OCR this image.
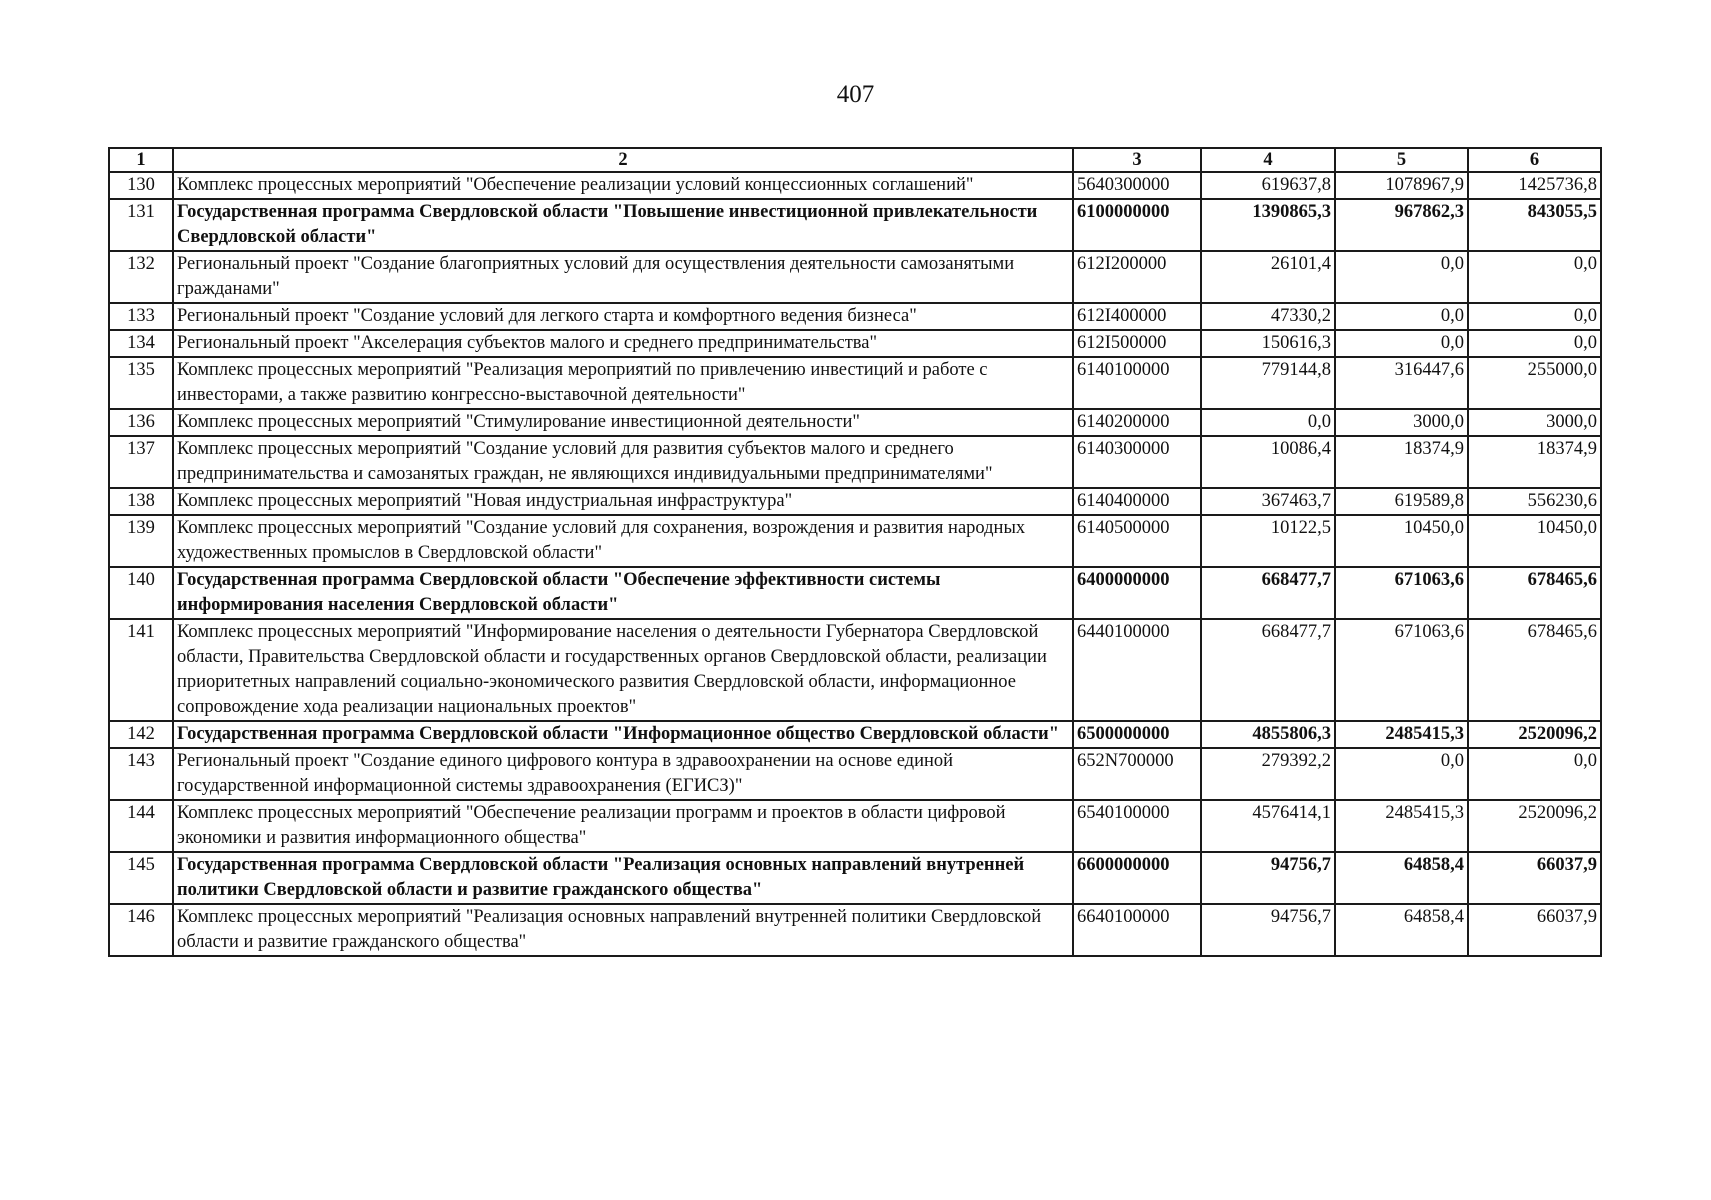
407
1	2	3	4	5	6
130	Комплекс процессных мероприятий "Обеспечение реализации условий концессионных соглашений"	5640300000	619637,8	1078967,9	1425736,8
131	Государственная программа Свердловской области "Повышение инвестиционной привлекательности Свердловской области"	6100000000	1390865,3	967862,3	843055,5
132	Региональный проект "Создание благоприятных условий для осуществления деятельности самозанятыми гражданами"	612I200000	26101,4	0,0	0,0
133	Региональный проект "Создание условий для легкого старта и комфортного ведения бизнеса"	612I400000	47330,2	0,0	0,0
134	Региональный проект "Акселерация субъектов малого и среднего предпринимательства"	612I500000	150616,3	0,0	0,0
135	Комплекс процессных мероприятий "Реализация мероприятий по привлечению инвестиций и работе с инвесторами, а также развитию конгрессно-выставочной деятельности"	6140100000	779144,8	316447,6	255000,0
136	Комплекс процессных мероприятий "Стимулирование инвестиционной деятельности"	6140200000	0,0	3000,0	3000,0
137	Комплекс процессных мероприятий "Создание условий для развития субъектов малого и среднего предпринимательства и самозанятых граждан, не являющихся индивидуальными предпринимателями"	6140300000	10086,4	18374,9	18374,9
138	Комплекс процессных мероприятий "Новая индустриальная инфраструктура"	6140400000	367463,7	619589,8	556230,6
139	Комплекс процессных мероприятий "Создание условий для сохранения, возрождения и развития народных художественных промыслов в Свердловской области"	6140500000	10122,5	10450,0	10450,0
140	Государственная программа Свердловской области "Обеспечение эффективности системы информирования населения Свердловской области"	6400000000	668477,7	671063,6	678465,6
141	Комплекс процессных мероприятий "Информирование населения о деятельности Губернатора Свердловской области, Правительства Свердловской области и государственных органов Свердловской области, реализации приоритетных направлений социально-экономического развития Свердловской области, информационное сопровождение хода реализации национальных проектов"	6440100000	668477,7	671063,6	678465,6
142	Государственная программа Свердловской области "Информационное общество Свердловской области"	6500000000	4855806,3	2485415,3	2520096,2
143	Региональный проект "Создание единого цифрового контура в здравоохранении на основе единой государственной информационной системы здравоохранения (ЕГИСЗ)"	652N700000	279392,2	0,0	0,0
144	Комплекс процессных мероприятий "Обеспечение реализации программ и проектов в области цифровой экономики и развития информационного общества"	6540100000	4576414,1	2485415,3	2520096,2
145	Государственная программа Свердловской области "Реализация основных направлений внутренней политики Свердловской области и развитие гражданского общества"	6600000000	94756,7	64858,4	66037,9
146	Комплекс процессных мероприятий "Реализация основных направлений внутренней политики Свердловской области и развитие гражданского общества"	6640100000	94756,7	64858,4	66037,9
